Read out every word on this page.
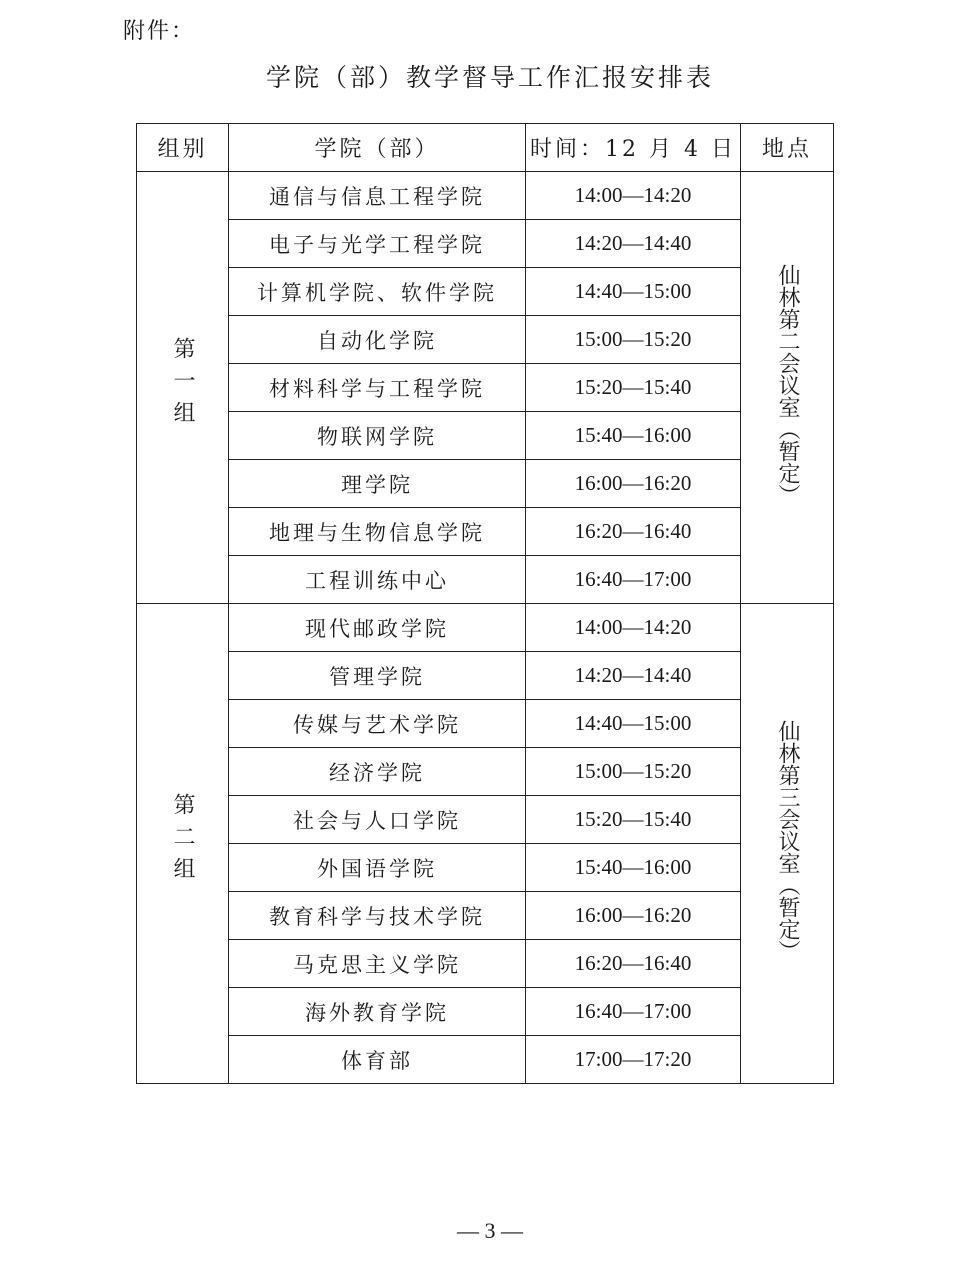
附件：
学院（部）教学督导工作汇报安排表
组别	学院（部）	时间：12 月 4 日	地点
第一组	通信与信息工程学院	14:00—14:20	仙林第二会议室（暂定）
	电子与光学工程学院	14:20—14:40	
	计算机学院、软件学院	14:40—15:00	
	自动化学院	15:00—15:20	
	材料科学与工程学院	15:20—15:40	
	物联网学院	15:40—16:00	
	理学院	16:00—16:20	
	地理与生物信息学院	16:20—16:40	
	工程训练中心	16:40—17:00	
第二组	现代邮政学院	14:00—14:20	仙林第三会议室（暂定）
	管理学院	14:20—14:40	
	传媒与艺术学院	14:40—15:00	
	经济学院	15:00—15:20	
	社会与人口学院	15:20—15:40	
	外国语学院	15:40—16:00	
	教育科学与技术学院	16:00—16:20	
	马克思主义学院	16:20—16:40	
	海外教育学院	16:40—17:00	
	体育部	17:00—17:20	
— 3 —
